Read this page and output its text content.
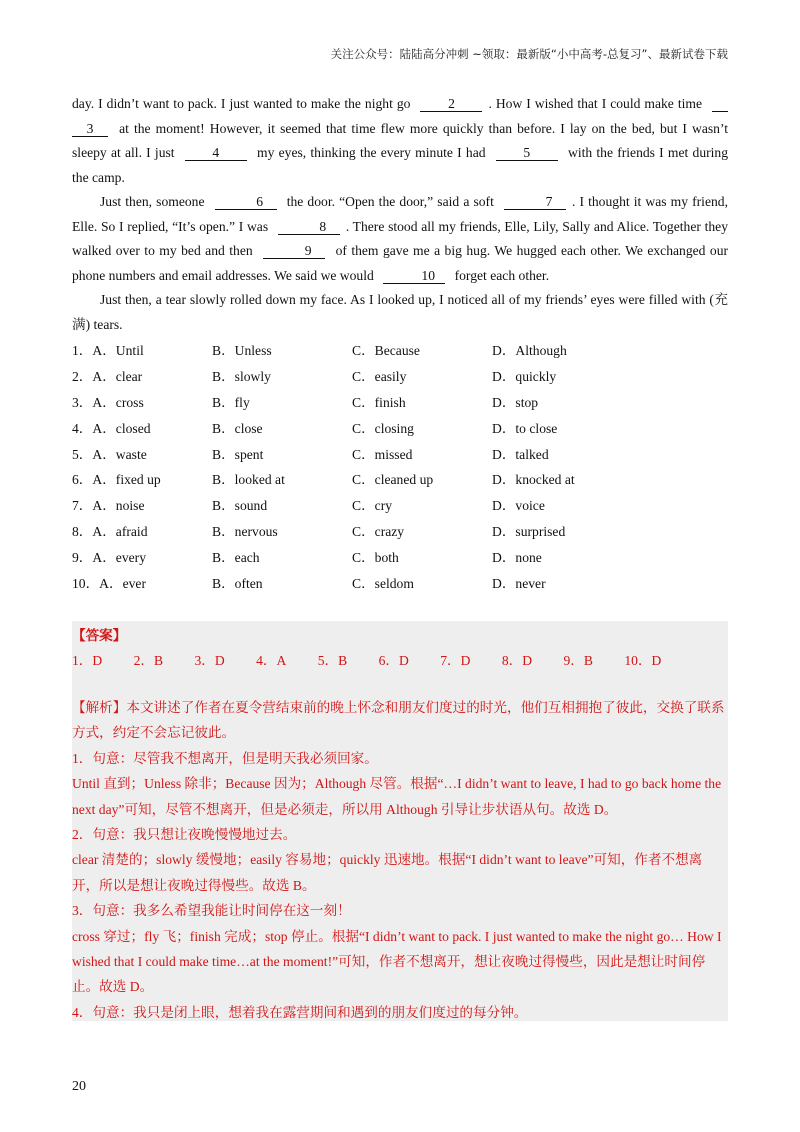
关注公众号：陆陆高分冲刺 ~领取：最新版“小中高考-总复习”、最新试卷下载

day. I didn’t want to pack. I just wanted to make the night go	2 . How I wished that I could make time  3 at the moment! However, it seemed that time flew more quickly than before. I lay on the bed, but I wasn’t sleepy at all. I just	4	my eyes, thinking the every minute I had	5	with the friends I met during the camp.

Just then, someone	6 the door. “Open the door,” said a soft	7 . I thought it was my friend, Elle. So I replied, “It’s open.” I was	8 . There stood all my friends, Elle, Lily, Sally and Alice. Together they walked over to my bed and then	9 of them gave me a big hug. We hugged each other. We exchanged our phone numbers and email addresses. We said we would	10 forget each other.

Just then, a tear slowly rolled down my face. As I looked up, I noticed all of my friends’ eyes were filled with (充满) tears.

1．A．Until	B．Unless	C．Because	D．Although
2．A．clear	B．slowly	C．easily	D．quickly
3．A．cross	B．fly	C．finish	D．stop
4．A．closed	B．close	C．closing	D．to close
5．A．waste	B．spent	C．missed	D．talked
6．A．fixed up	B．looked at	C．cleaned up	D．knocked at
7．A．noise	B．sound	C．cry	D．voice
8．A．afraid	B．nervous	C．crazy	D．surprised
9．A．every	B．each	C．both	D．none
10．A．ever	B．often	C．seldom	D．never
【答案】
1．D 2．B 3．D 4．A 5．B 6．D 7．D 8．D 9．B 10．D

【解析】本文讲述了作者在夏令营结束前的晚上怀念和朋友们度过的时光，他们互相拥抱了彼此，交换了联系方式，约定不会忘记彼此。

1．句意：尽管我不想离开，但是明天我必须回家。

Until 直到；Unless 除非；Because 因为；Although 尽管。根据“…I didn’t want to leave, I had to go back home the next day”可知，尽管不想离开，但是必须走，所以用 Although 引导让步状语从句。故选 D。

2．句意：我只想让夜晚慢慢地过去。

clear 清楚的；slowly 缓慢地；easily 容易地；quickly 迅速地。根据“I didn’t want to leave”可知，作者不想离开，所以是想让夜晚过得慢些。故选 B。

3．句意：我多么希望我能让时间停在这一刻！

cross 穿过；fly 飞；finish 完成；stop 停止。根据“I didn’t want to pack. I just wanted to make the night go… How I wished that I could make time…at the moment!”可知，作者不想离开，想让夜晚过得慢些，因此是想让时间停止。故选 D。

4．句意：我只是闭上眼，想着我在露营期间和遇到的朋友们度过的每分钟。

20
